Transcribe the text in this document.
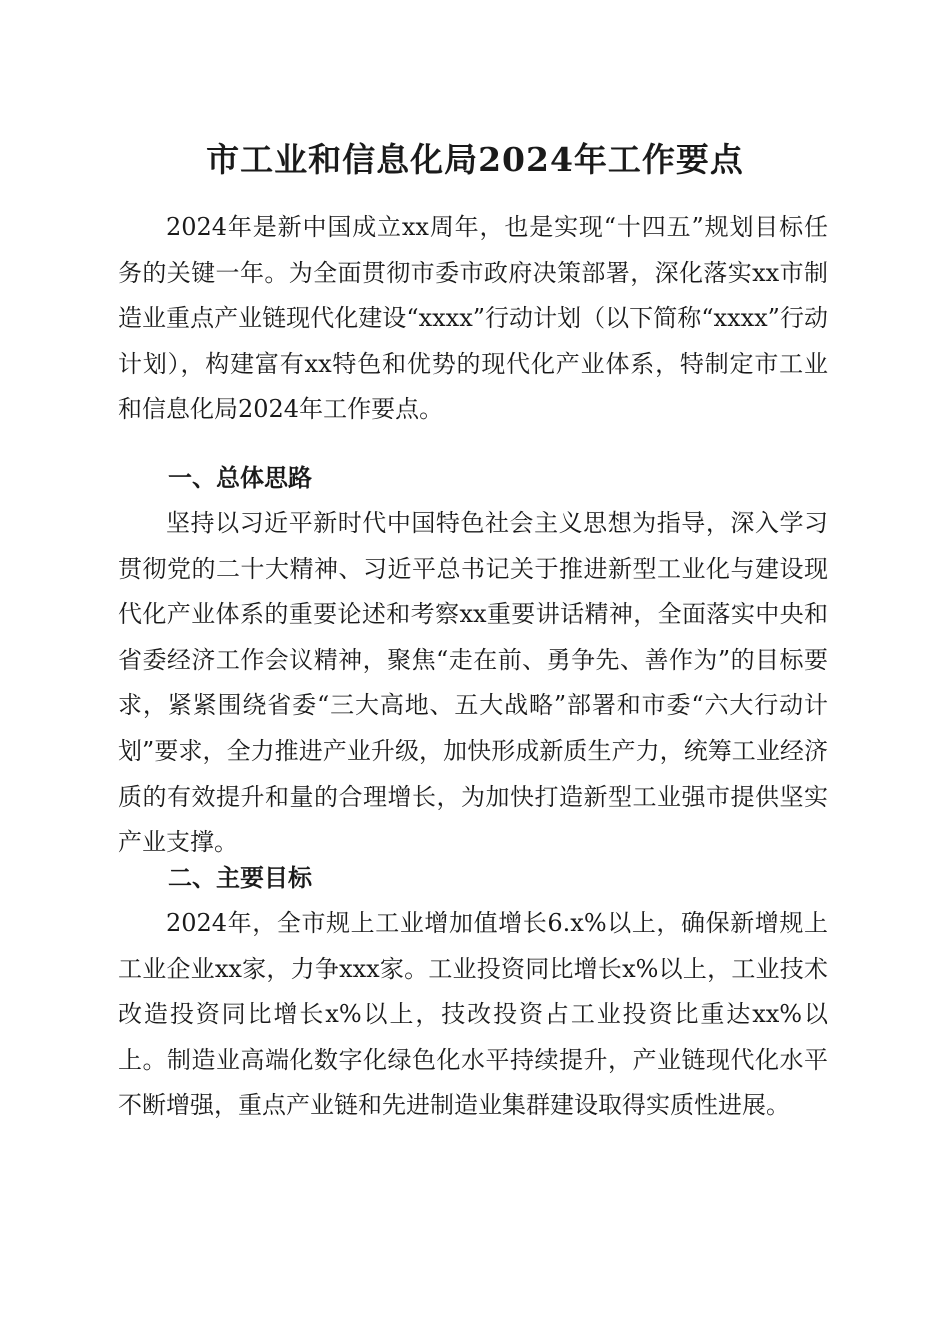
市工业和信息化局2024年工作要点

2024年是新中国成立xx周年，也是实现“十四五”规划目标任务的关键一年。为全面贯彻市委市政府决策部署，深化落实xx市制造业重点产业链现代化建设“xxxx”行动计划（以下简称“xxxx”行动计划），构建富有xx特色和优势的现代化产业体系，特制定市工业和信息化局2024年工作要点。

一、总体思路

坚持以习近平新时代中国特色社会主义思想为指导，深入学习贯彻党的二十大精神、习近平总书记关于推进新型工业化与建设现代化产业体系的重要论述和考察xx重要讲话精神，全面落实中央和省委经济工作会议精神，聚焦“走在前、勇争先、善作为”的目标要求，紧紧围绕省委“三大高地、五大战略”部署和市委“六大行动计划”要求，全力推进产业升级，加快形成新质生产力，统筹工业经济质的有效提升和量的合理增长，为加快打造新型工业强市提供坚实产业支撑。

二、主要目标

2024年，全市规上工业增加值增长6.x%以上，确保新增规上工业企业xx家，力争xxx家。工业投资同比增长x%以上，工业技术改造投资同比增长x%以上，技改投资占工业投资比重达xx%以上。制造业高端化数字化绿色化水平持续提升，产业链现代化水平不断增强，重点产业链和先进制造业集群建设取得实质性进展。
